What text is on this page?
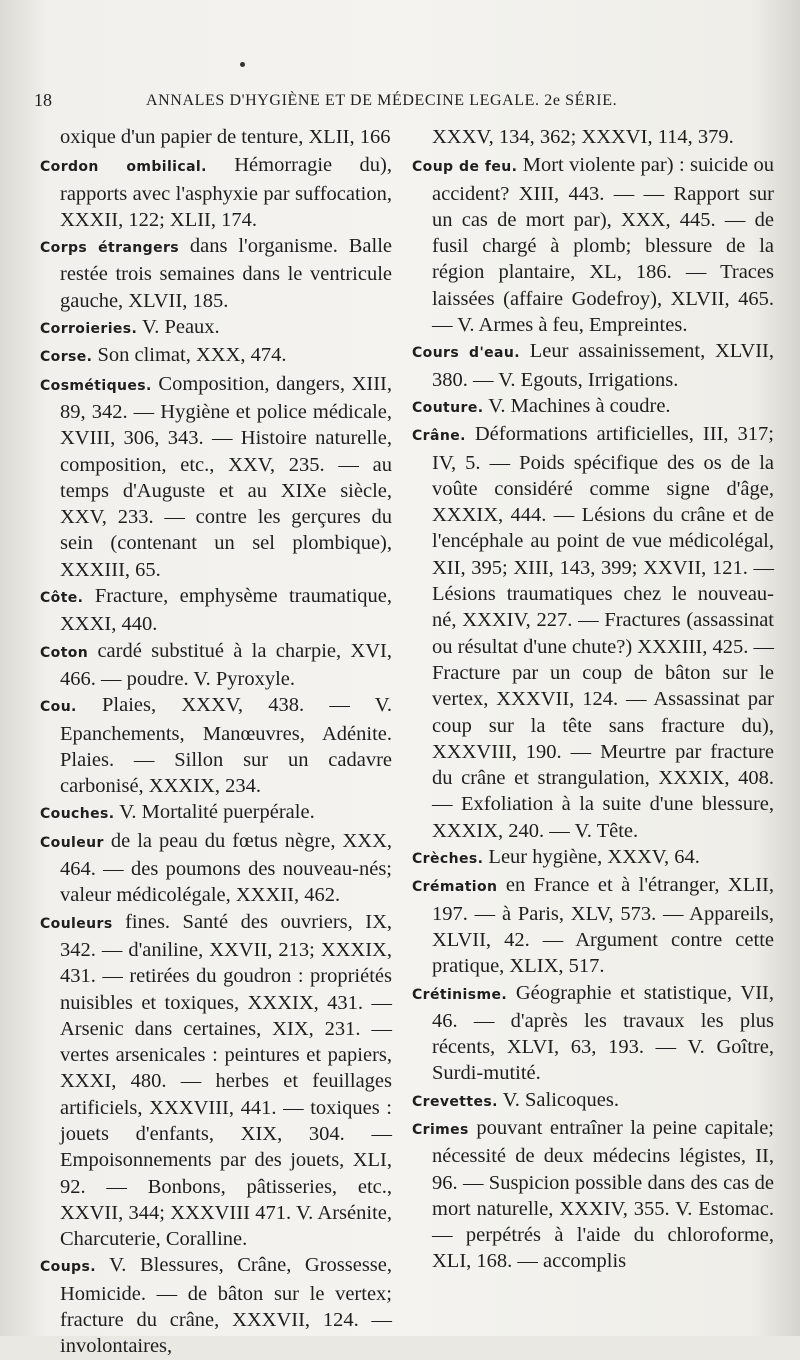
18	ANNALES D'HYGIÈNE ET DE MÉDECINE LEGALE. 2e SÉRIE.

oxique d'un papier de tenture, XLII, 166

Cordon ombilical. Hémorragie du), rapports avec l'asphyxie par suffocation, XXXII, 122; XLII, 174.

Corps étrangers dans l'organisme. Balle restée trois semaines dans le ventricule gauche, XLVII, 185.

Corroieries. V. Peaux.

Corse. Son climat, XXX, 474.

Cosmétiques. Composition, dangers, XIII, 89, 342. — Hygiène et police médicale, XVIII, 306, 343. — Histoire naturelle, composition, etc., XXV, 235. — au temps d'Auguste et au XIXe siècle, XXV, 233. — contre les gerçures du sein (contenant un sel plombique), XXXIII, 65.

Côte. Fracture, emphysème traumatique, XXXI, 440.

Coton cardé substitué à la charpie, XVI, 466. — poudre. V. Pyroxyle.

Cou. Plaies, XXXV, 438. — V. Epanchements, Manœuvres, Adénite. Plaies. — Sillon sur un cadavre carbonisé, XXXIX, 234.

Couches. V. Mortalité puerpérale.

Couleur de la peau du fœtus nègre, XXX, 464. — des poumons des nouveau-nés; valeur médicolégale, XXXII, 462.

Couleurs fines. Santé des ouvriers, IX, 342. — d'aniline, XXVII, 213; XXXIX, 431. — retirées du goudron : propriétés nuisibles et toxiques, XXXIX, 431. — Arsenic dans certaines, XIX, 231. — vertes arsenicales : peintures et papiers, XXXI, 480. — herbes et feuillages artificiels, XXXVIII, 441. — toxiques : jouets d'enfants, XIX, 304. — Empoisonnements par des jouets, XLI, 92. — Bonbons, pâtisseries, etc., XXVII, 344; XXXVIII 471. V. Arsénite, Charcuterie, Coralline.

Coups. V. Blessures, Crâne, Grossesse, Homicide. — de bâton sur le vertex; fracture du crâne, XXXVII, 124. — involontaires,

XXXV, 134, 362; XXXVI, 114, 379.

Coup de feu. Mort violente par) : suicide ou accident? XIII, 443. — — Rapport sur un cas de mort par), XXX, 445. — de fusil chargé à plomb; blessure de la région plantaire, XL, 186. — Traces laissées (affaire Godefroy), XLVII, 465. — V. Armes à feu, Empreintes.

Cours d'eau. Leur assainissement, XLVII, 380. — V. Egouts, Irrigations.

Couture. V. Machines à coudre.

Crâne. Déformations artificielles, III, 317; IV, 5. — Poids spécifique des os de la voûte considéré comme signe d'âge, XXXIX, 444. — Lésions du crâne et de l'encéphale au point de vue médicolégal, XII, 395; XIII, 143, 399; XXVII, 121. — Lésions traumatiques chez le nouveau-né, XXXIV, 227. — Fractures (assassinat ou résultat d'une chute?) XXXIII, 425. — Fracture par un coup de bâton sur le vertex, XXXVII, 124. — Assassinat par coup sur la tête sans fracture du), XXXVIII, 190. — Meurtre par fracture du crâne et strangulation, XXXIX, 408. — Exfoliation à la suite d'une blessure, XXXIX, 240. — V. Tête.

Crèches. Leur hygiène, XXXV, 64.

Crémation en France et à l'étranger, XLII, 197. — à Paris, XLV, 573. — Appareils, XLVII, 42. — Argument contre cette pratique, XLIX, 517.

Crétinisme. Géographie et statistique, VII, 46. — d'après les travaux les plus récents, XLVI, 63, 193. — V. Goître, Surdi-mutité.

Crevettes. V. Salicoques.

Crimes pouvant entraîner la peine capitale; nécessité de deux médecins légistes, II, 96. — Suspicion possible dans des cas de mort naturelle, XXXIV, 355. V. Estomac. — perpétrés à l'aide du chloroforme, XLI, 168. — accomplis
